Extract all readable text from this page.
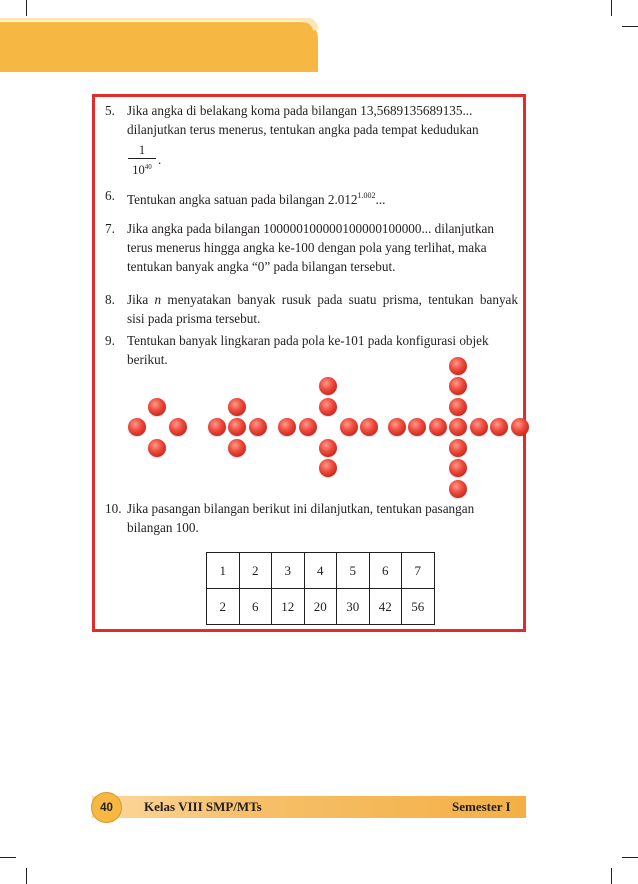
5. Jika angka di belakang koma pada bilangan 13,5689135689135...
dilanjutkan terus menerus, tentukan angka pada tempat kedudukan
1
$10^{40}$ .
6. Tentukan angka satuan pada bilangan $2.012^{1.002}$...
7. Jika angka pada bilangan 100000100000100000100000... dilanjutkan
terus menerus hingga angka ke-100 dengan pola yang terlihat, maka
tentukan banyak angka “0” pada bilangan tersebut.
8. Jika n menyatakan banyak rusuk pada suatu prisma, tentukan banyak
sisi pada prisma tersebut.
9. Tentukan banyak lingkaran pada pola ke-101 pada konfigurasi objek
berikut.
10. Jika pasangan bilangan berikut ini dilanjutkan, tentukan pasangan
bilangan 100.
1	2	3	4	5	6	7
2	6	12	20	30	42	56
40	Kelas VIII SMP/MTs	Semester I
